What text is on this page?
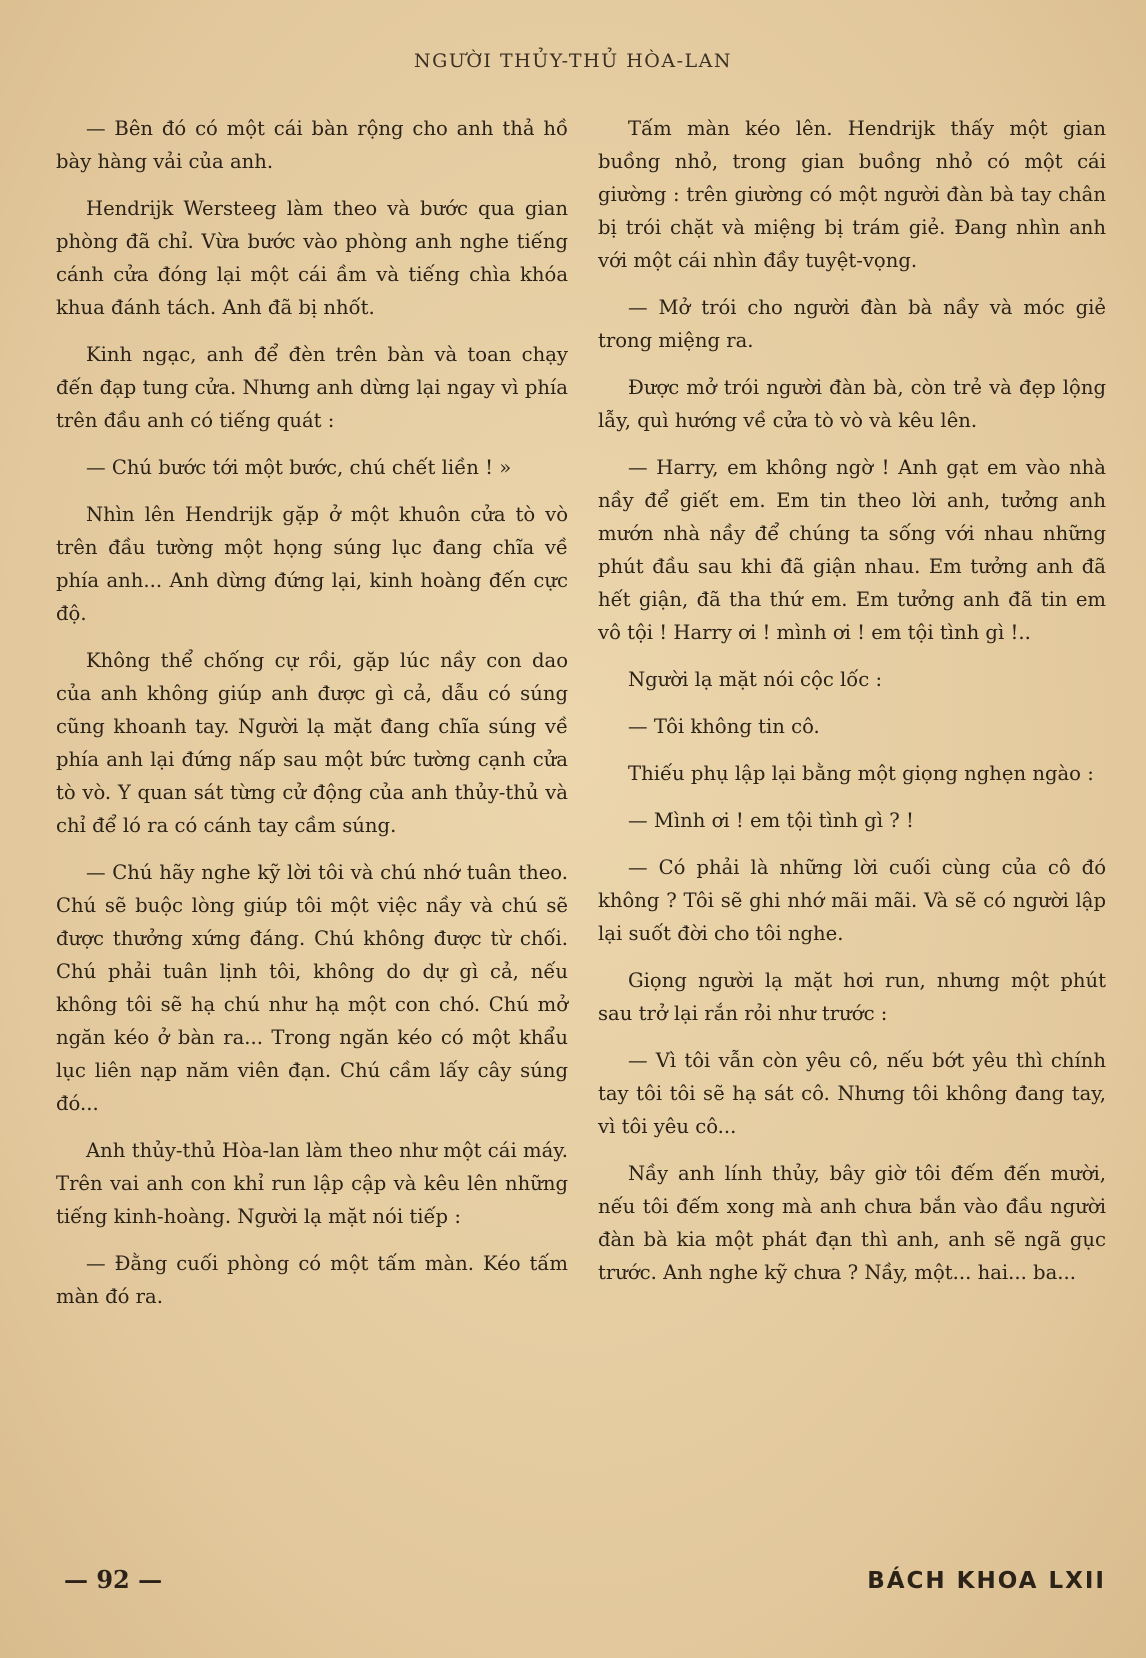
NGƯỜI THỦY-THỦ HÒA-LAN

— Bên đó có một cái bàn rộng cho anh thả hồ bày hàng vải của anh.

Hendrijk Wersteeg làm theo và bước qua gian phòng đã chỉ. Vừa bước vào phòng anh nghe tiếng cánh cửa đóng lại một cái ầm và tiếng chìa khóa khua đánh tách. Anh đã bị nhốt.

Kinh ngạc, anh để đèn trên bàn và toan chạy đến đạp tung cửa. Nhưng anh dừng lại ngay vì phía trên đầu anh có tiếng quát :

— Chú bước tới một bước, chú chết liền ! »

Nhìn lên Hendrijk gặp ở một khuôn cửa tò vò trên đầu tường một họng súng lục đang chĩa về phía anh... Anh dừng đứng lại, kinh hoàng đến cực độ.

Không thể chống cự rồi, gặp lúc nầy con dao của anh không giúp anh được gì cả, dẫu có súng cũng khoanh tay. Người lạ mặt đang chĩa súng về phía anh lại đứng nấp sau một bức tường cạnh cửa tò vò. Y quan sát từng cử động của anh thủy-thủ và chỉ để ló ra có cánh tay cầm súng.

— Chú hãy nghe kỹ lời tôi và chú nhớ tuân theo. Chú sẽ buộc lòng giúp tôi một việc nầy và chú sẽ được thưởng xứng đáng. Chú không được từ chối. Chú phải tuân lịnh tôi, không do dự gì cả, nếu không tôi sẽ hạ chú như hạ một con chó. Chú mở ngăn kéo ở bàn ra... Trong ngăn kéo có một khẩu lục liên nạp năm viên đạn. Chú cầm lấy cây súng đó...

Anh thủy-thủ Hòa-lan làm theo như một cái máy. Trên vai anh con khỉ run lập cập và kêu lên những tiếng kinh-hoàng. Người lạ mặt nói tiếp :

— Đằng cuối phòng có một tấm màn. Kéo tấm màn đó ra.

Tấm màn kéo lên. Hendrijk thấy một gian buồng nhỏ, trong gian buồng nhỏ có một cái giường : trên giường có một người đàn bà tay chân bị trói chặt và miệng bị trám giẻ. Đang nhìn anh với một cái nhìn đầy tuyệt-vọng.

— Mở trói cho người đàn bà nầy và móc giẻ trong miệng ra.

Được mở trói người đàn bà, còn trẻ và đẹp lộng lẫy, quì hướng về cửa tò vò và kêu lên.

— Harry, em không ngờ ! Anh gạt em vào nhà nầy để giết em. Em tin theo lời anh, tưởng anh mướn nhà nầy để chúng ta sống với nhau những phút đầu sau khi đã giận nhau. Em tưởng anh đã hết giận, đã tha thứ em. Em tưởng anh đã tin em vô tội ! Harry ơi ! mình ơi ! em tội tình gì !..

Người lạ mặt nói cộc lốc :

— Tôi không tin cô.

Thiếu phụ lập lại bằng một giọng nghẹn ngào :

— Mình ơi ! em tội tình gì ? !

— Có phải là những lời cuối cùng của cô đó không ? Tôi sẽ ghi nhớ mãi mãi. Và sẽ có người lập lại suốt đời cho tôi nghe.

Giọng người lạ mặt hơi run, nhưng một phút sau trở lại rắn rỏi như trước :

— Vì tôi vẫn còn yêu cô, nếu bớt yêu thì chính tay tôi tôi sẽ hạ sát cô. Nhưng tôi không đang tay, vì tôi yêu cô...

Nầy anh lính thủy, bây giờ tôi đếm đến mười, nếu tôi đếm xong mà anh chưa bắn vào đầu người đàn bà kia một phát đạn thì anh, anh sẽ ngã gục trước. Anh nghe kỹ chưa ? Nầy, một... hai... ba...

— 92 —	BÁCH KHOA LXII
